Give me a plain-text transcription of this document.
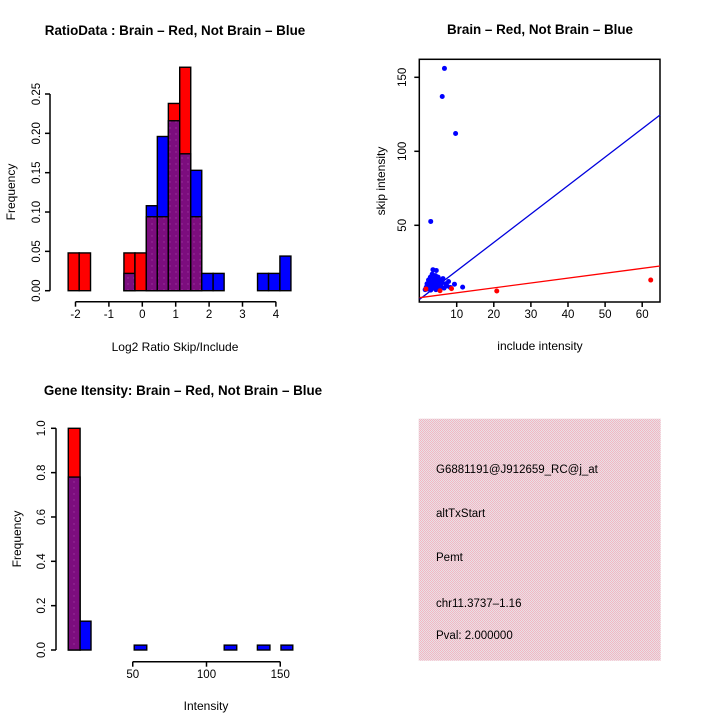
RatioData : Brain – Red, Not Brain – Blue
-2 -1 0 1 2 3 4
0.00
0.05
0.10
0.15
0.20
0.25
Log2 Ratio Skip/Include
Frequency
Brain – Red, Not Brain – Blue
10 20 30 40 50 60
50
100
150
include intensity
skip intensity
Gene Itensity: Brain – Red, Not Brain – Blue
50	100	150
0.0
0.2
0.4
0.6
0.8
1.0
Intensity
Frequency
G6881191@J912659_RC@j_at
altTxStart
Pemt
chr11.3737–1.16
Pval: 2.000000
